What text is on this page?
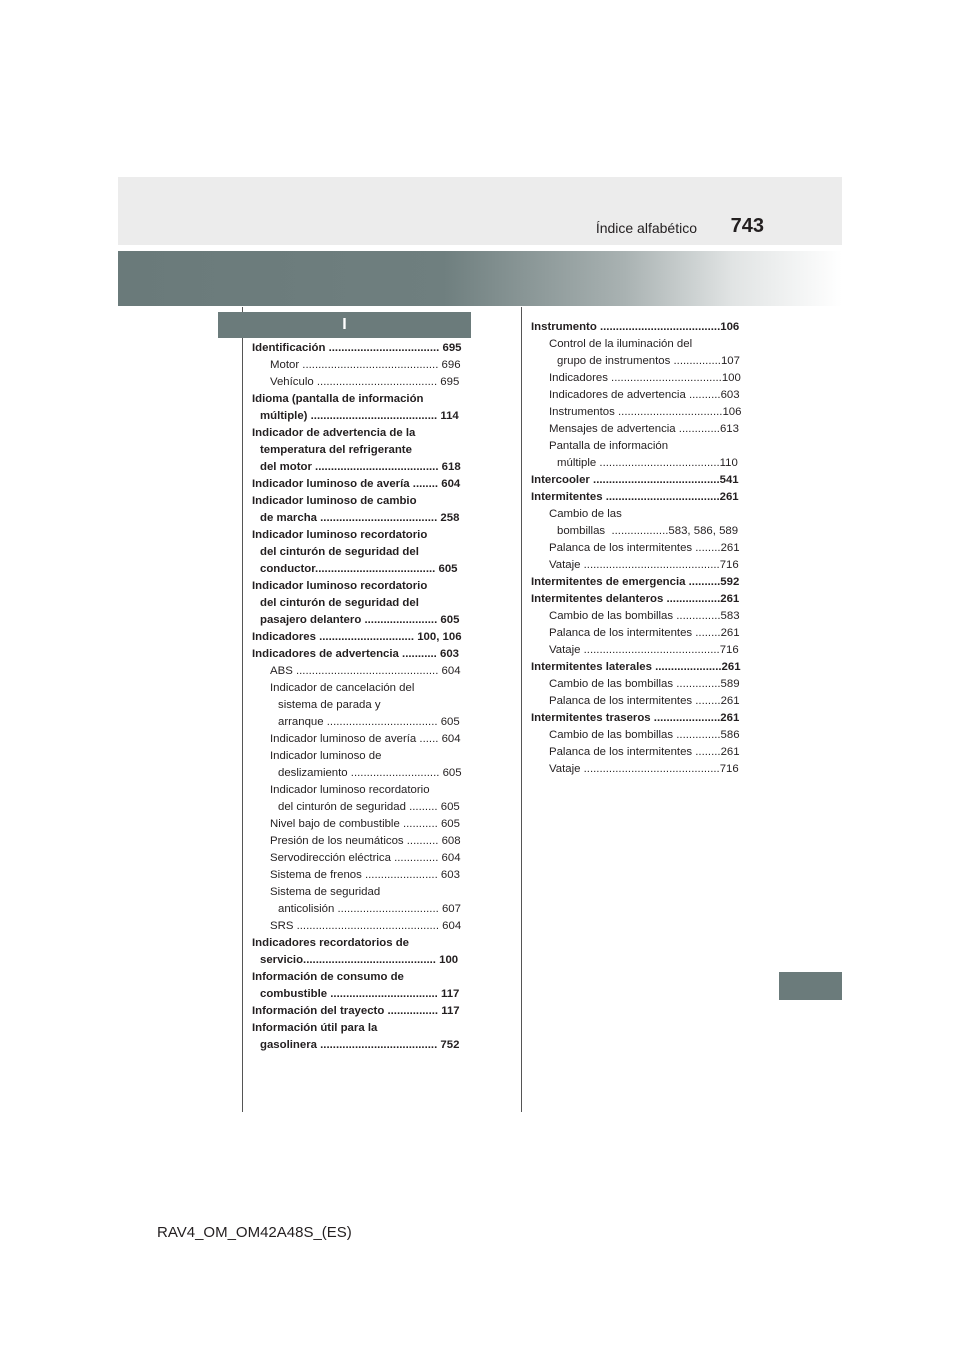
Índice alfabético 743
I
Identificación ................................... 695
Motor ........................................... 696
Vehículo ...................................... 695
Idioma (pantalla de información
múltiple) ........................................ 114
Indicador de advertencia de la
temperatura del refrigerante
del motor ....................................... 618
Indicador luminoso de avería ........ 604
Indicador luminoso de cambio
de marcha ..................................... 258
Indicador luminoso recordatorio
del cinturón de seguridad del
conductor...................................... 605
Indicador luminoso recordatorio
del cinturón de seguridad del
pasajero delantero ....................... 605
Indicadores .............................. 100, 106
Indicadores de advertencia ........... 603
ABS ............................................. 604
Indicador de cancelación del
sistema de parada y
arranque ................................... 605
Indicador luminoso de avería ...... 604
Indicador luminoso de
deslizamiento ............................ 605
Indicador luminoso recordatorio
del cinturón de seguridad ......... 605
Nivel bajo de combustible ........... 605
Presión de los neumáticos .......... 608
Servodirección eléctrica .............. 604
Sistema de frenos ....................... 603
Sistema de seguridad
anticolisión ................................ 607
SRS ............................................. 604
Indicadores recordatorios de
servicio.......................................... 100
Información de consumo de
combustible .................................. 117
Información del trayecto ................ 117
Información útil para la
gasolinera ..................................... 752
Instrumento ......................................106
Control de la iluminación del
grupo de instrumentos ...............107
Indicadores ...................................100
Indicadores de advertencia ..........603
Instrumentos .................................106
Mensajes de advertencia .............613
Pantalla de información
múltiple ......................................110
Intercooler ........................................541
Intermitentes ....................................261
Cambio de las
bombillas  ..................583, 586, 589
Palanca de los intermitentes ........261
Vataje ...........................................716
Intermitentes de emergencia ..........592
Intermitentes delanteros .................261
Cambio de las bombillas ..............583
Palanca de los intermitentes ........261
Vataje ...........................................716
Intermitentes laterales .....................261
Cambio de las bombillas ..............589
Palanca de los intermitentes ........261
Intermitentes traseros .....................261
Cambio de las bombillas ..............586
Palanca de los intermitentes ........261
Vataje ...........................................716
RAV4_OM_OM42A48S_(ES)
